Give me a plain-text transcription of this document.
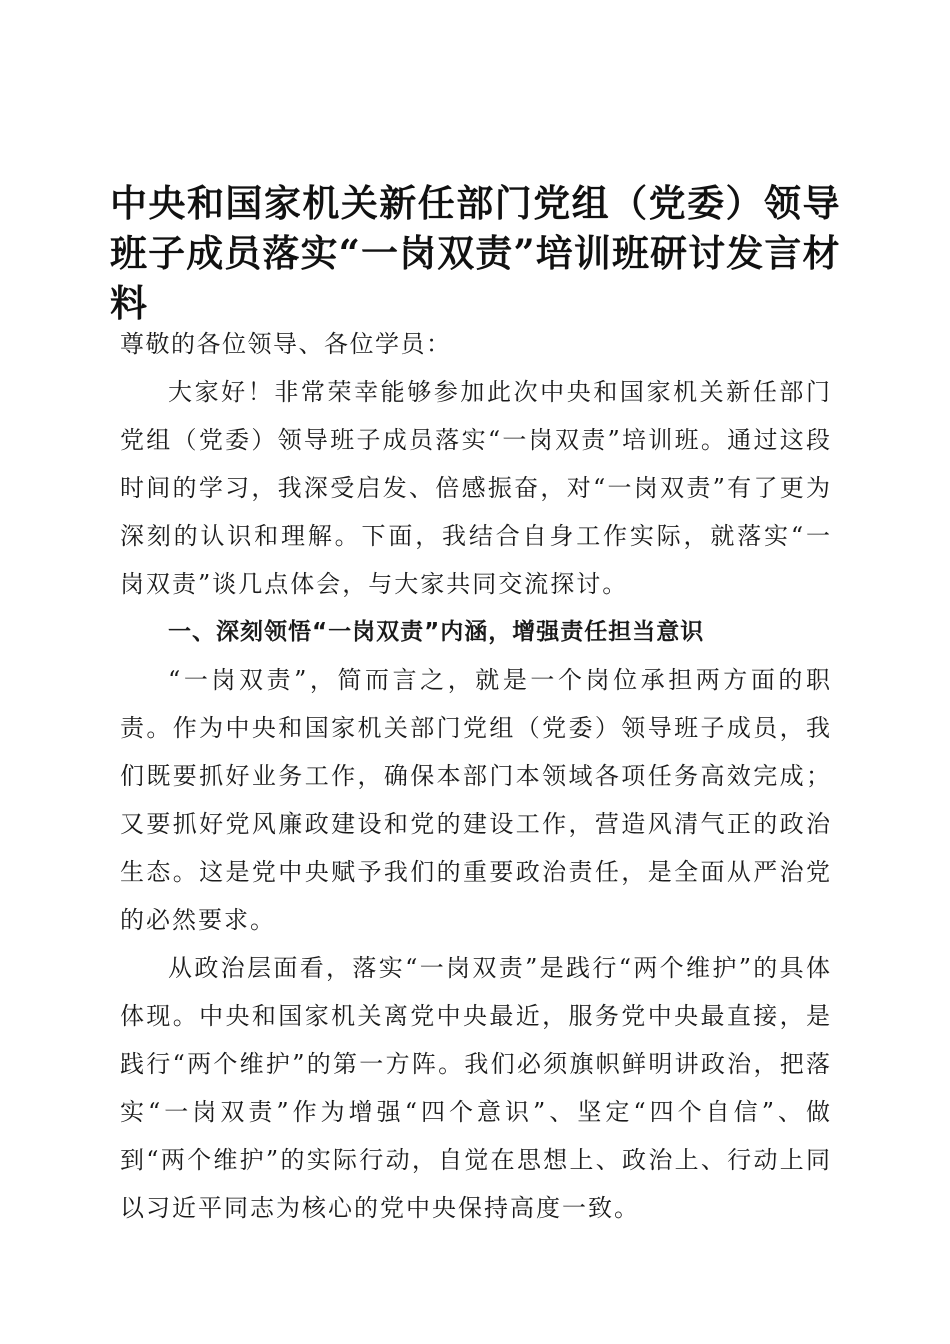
中央和国家机关新任部门党组（党委）领导班子成员落实“一岗双责”培训班研讨发言材料

尊敬的各位领导、各位学员：

大家好！非常荣幸能够参加此次中央和国家机关新任部门党组（党委）领导班子成员落实“一岗双责”培训班。通过这段时间的学习，我深受启发、倍感振奋，对“一岗双责”有了更为深刻的认识和理解。下面，我结合自身工作实际，就落实“一岗双责”谈几点体会，与大家共同交流探讨。

一、深刻领悟“一岗双责”内涵，增强责任担当意识

“一岗双责”，简而言之，就是一个岗位承担两方面的职责。作为中央和国家机关部门党组（党委）领导班子成员，我们既要抓好业务工作，确保本部门本领域各项任务高效完成；又要抓好党风廉政建设和党的建设工作，营造风清气正的政治生态。这是党中央赋予我们的重要政治责任，是全面从严治党的必然要求。

从政治层面看，落实“一岗双责”是践行“两个维护”的具体体现。中央和国家机关离党中央最近，服务党中央最直接，是践行“两个维护”的第一方阵。我们必须旗帜鲜明讲政治，把落实“一岗双责”作为增强“四个意识”、坚定“四个自信”、做到“两个维护”的实际行动，自觉在思想上、政治上、行动上同以习近平同志为核心的党中央保持高度一致。
